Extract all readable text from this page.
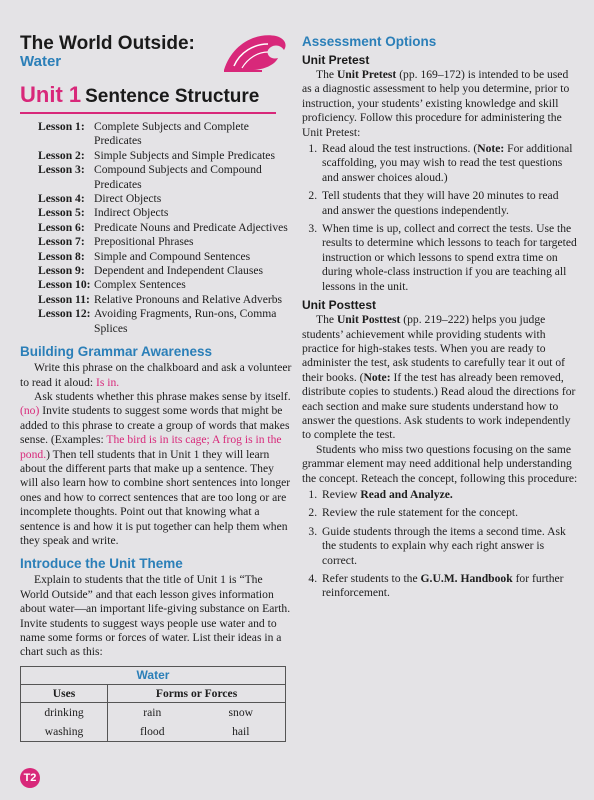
The World Outside:
Water
Unit 1 Sentence Structure
Lesson 1: Complete Subjects and Complete Predicates
Lesson 2: Simple Subjects and Simple Predicates
Lesson 3: Compound Subjects and Compound Predicates
Lesson 4: Direct Objects
Lesson 5: Indirect Objects
Lesson 6: Predicate Nouns and Predicate Adjectives
Lesson 7: Prepositional Phrases
Lesson 8: Simple and Compound Sentences
Lesson 9: Dependent and Independent Clauses
Lesson 10: Complex Sentences
Lesson 11: Relative Pronouns and Relative Adverbs
Lesson 12: Avoiding Fragments, Run-ons, Comma Splices
Building Grammar Awareness

Write this phrase on the chalkboard and ask a volunteer to read it aloud: Is in.

Ask students whether this phrase makes sense by itself. (no) Invite students to suggest some words that might be added to this phrase to create a group of words that makes sense. (Examples: The bird is in its cage; A frog is in the pond.) Then tell students that in Unit 1 they will learn about the different parts that make up a sentence. They will also learn how to combine short sentences into longer ones and how to correct sentences that are too long or are incomplete thoughts. Point out that knowing what a sentence is and how it is put together can help them when they speak and write.

Introduce the Unit Theme

Explain to students that the title of Unit 1 is “The World Outside” and that each lesson gives information about water—an important life-giving substance on Earth. Invite students to suggest ways people use water and to name some forms or forces of water. List their ideas in a chart such as this:

Water		
Uses	Forms or Forces	
drinking	rain	snow
washing	flood	hail
Assessment Options
Unit Pretest

The Unit Pretest (pp. 169–172) is intended to be used as a diagnostic assessment to help you determine, prior to instruction, your students’ existing knowledge and skill proficiency. Follow this procedure for administering the Unit Pretest:

1. Read aloud the test instructions. (Note: For additional scaffolding, you may wish to read the test questions and answer choices aloud.)
2. Tell students that they will have 20 minutes to read and answer the questions independently.
3. When time is up, collect and correct the tests. Use the results to determine which lessons to teach for targeted instruction or which lessons to spend extra time on during whole-class instruction if you are teaching all lessons in the unit.
Unit Posttest

The Unit Posttest (pp. 219–222) helps you judge students’ achievement while providing students with practice for high-stakes tests. When you are ready to administer the test, ask students to carefully tear it out of their books. (Note: If the test has already been removed, distribute copies to students.) Read aloud the directions for each section and make sure students understand how to answer the questions. Ask students to work independently to complete the test.

Students who miss two questions focusing on the same grammar element may need additional help understanding the concept. Reteach the concept, following this procedure:

1. Review Read and Analyze.
2. Review the rule statement for the concept.
3. Guide students through the items a second time. Ask the students to explain why each right answer is correct.
4. Refer students to the G.U.M. Handbook for further reinforcement.
T2
